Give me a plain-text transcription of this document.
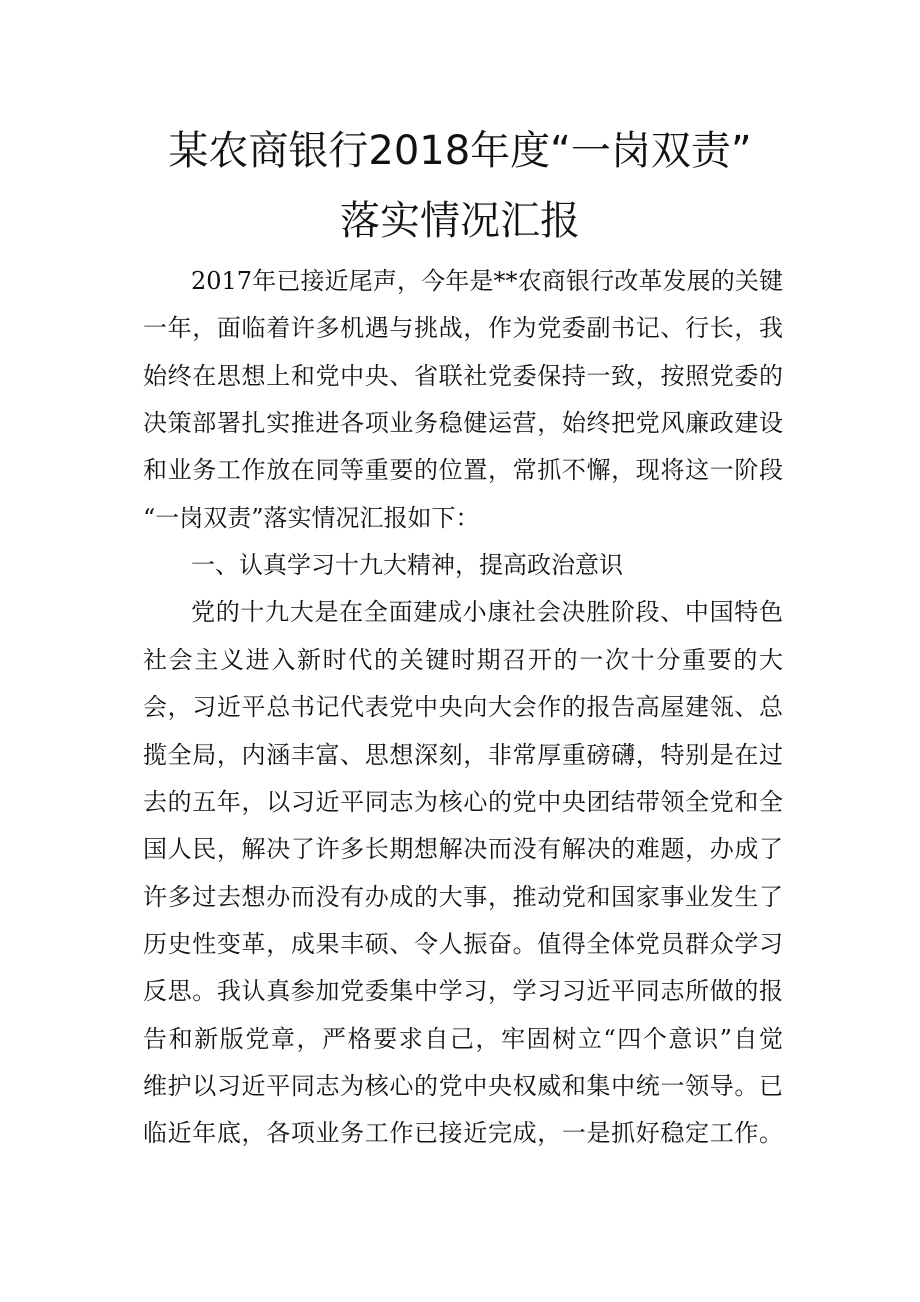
某农商银行2018年度“一岗双责”
落实情况汇报
2017年已接近尾声，今年是**农商银行改革发展的关键
一年，面临着许多机遇与挑战，作为党委副书记、行长，我
始终在思想上和党中央、省联社党委保持一致，按照党委的
决策部署扎实推进各项业务稳健运营，始终把党风廉政建设
和业务工作放在同等重要的位置，常抓不懈，现将这一阶段
“一岗双责”落实情况汇报如下：
一、认真学习十九大精神，提高政治意识
党的十九大是在全面建成小康社会决胜阶段、中国特色
社会主义进入新时代的关键时期召开的一次十分重要的大
会，习近平总书记代表党中央向大会作的报告高屋建瓴、总
揽全局，内涵丰富、思想深刻，非常厚重磅礴，特别是在过
去的五年，以习近平同志为核心的党中央团结带领全党和全
国人民，解决了许多长期想解决而没有解决的难题，办成了
许多过去想办而没有办成的大事，推动党和国家事业发生了
历史性变革，成果丰硕、令人振奋。值得全体党员群众学习
反思。我认真参加党委集中学习，学习习近平同志所做的报
告和新版党章，严格要求自己，牢固树立“四个意识”自觉
维护以习近平同志为核心的党中央权威和集中统一领导。已
临近年底，各项业务工作已接近完成，一是抓好稳定工作。
